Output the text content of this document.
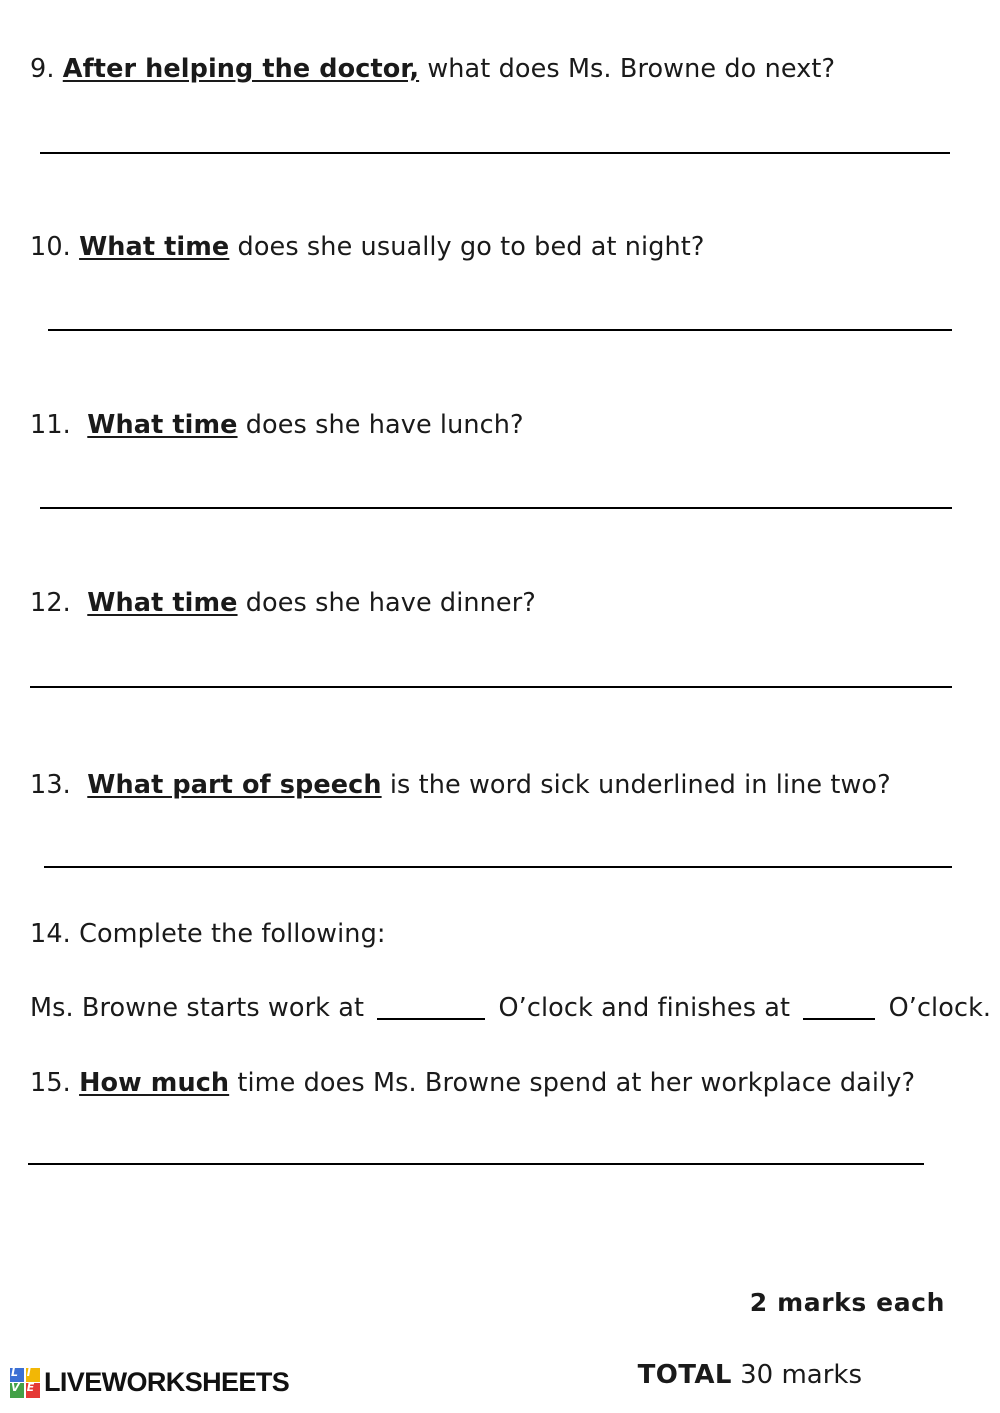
9. After helping the doctor, what does Ms. Browne do next?
10. What time does she usually go to bed at night?
11. What time does she have lunch?
12. What time does she have dinner?
13. What part of speech is the word sick underlined in line two?
14. Complete the following:
Ms. Browne starts work at	O’clock and finishes at	O’clock.
15. How much time does Ms. Browne spend at her workplace daily?
2 marks each
TOTAL 30 marks
L I
V E LIVEWORKSHEETS
